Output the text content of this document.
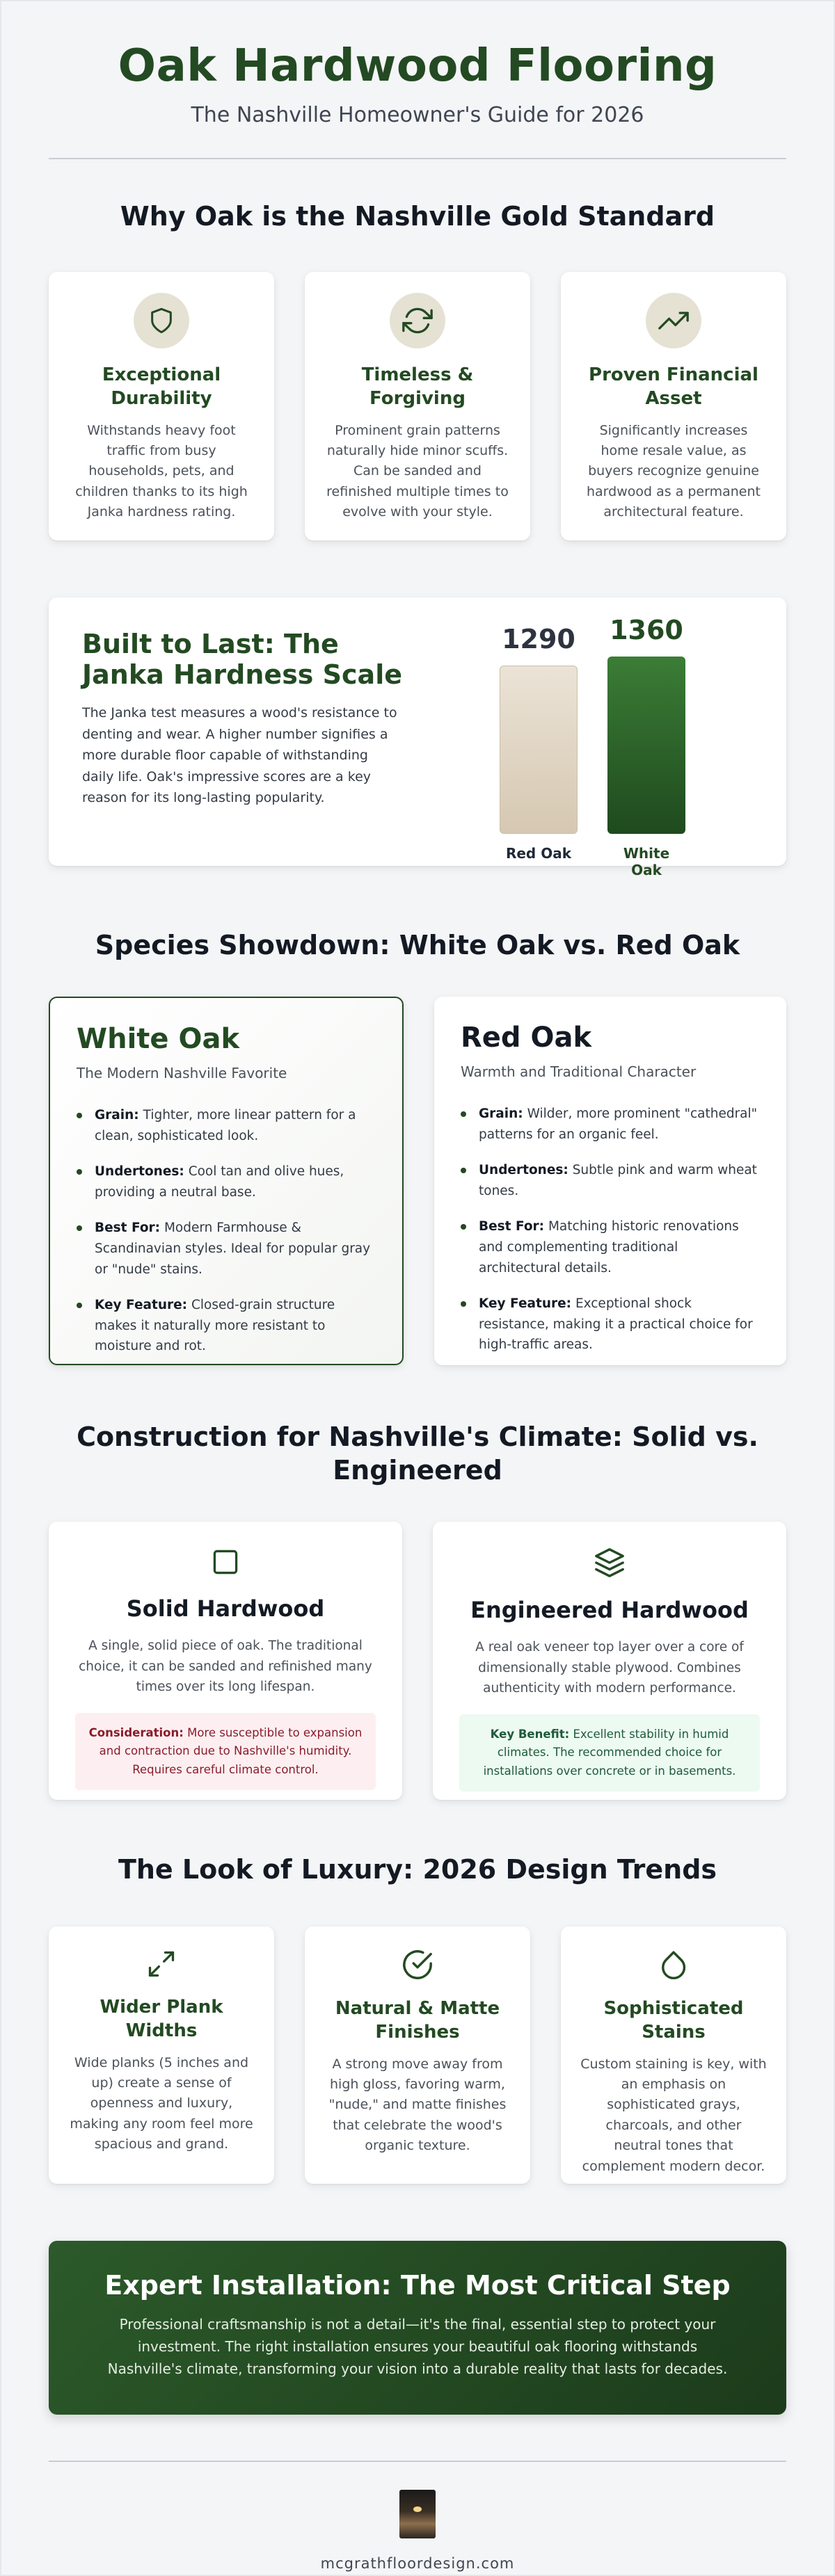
Oak Hardwood Flooring
The Nashville Homeowner's Guide for 2026
Why Oak is the Nashville Gold Standard
Exceptional Durability

Withstands heavy foot traffic from busy households, pets, and children thanks to its high Janka hardness rating.

Timeless & Forgiving

Prominent grain patterns naturally hide minor scuffs. Can be sanded and refinished multiple times to evolve with your style.

Proven Financial Asset

Significantly increases home resale value, as buyers recognize genuine hardwood as a permanent architectural feature.

Built to Last: The Janka Hardness Scale

The Janka test measures a wood's resistance to denting and wear. A higher number signifies a more durable floor capable of withstanding daily life. Oak's impressive scores are a key reason for its long-lasting popularity.

1290
Red Oak
1360
White Oak
Species Showdown: White Oak vs. Red Oak
White Oak
The Modern Nashville Favorite
Grain: Tighter, more linear pattern for a clean, sophisticated look.
Undertones: Cool tan and olive hues, providing a neutral base.
Best For: Modern Farmhouse & Scandinavian styles. Ideal for popular gray or "nude" stains.
Key Feature: Closed-grain structure makes it naturally more resistant to moisture and rot.
Red Oak
Warmth and Traditional Character
Grain: Wilder, more prominent "cathedral" patterns for an organic feel.
Undertones: Subtle pink and warm wheat tones.
Best For: Matching historic renovations and complementing traditional architectural details.
Key Feature: Exceptional shock resistance, making it a practical choice for high-traffic areas.
Construction for Nashville's Climate: Solid vs. Engineered
Solid Hardwood

A single, solid piece of oak. The traditional choice, it can be sanded and refinished many times over its long lifespan.

Consideration: More susceptible to expansion and contraction due to Nashville's humidity. Requires careful climate control.
Engineered Hardwood

A real oak veneer top layer over a core of dimensionally stable plywood. Combines authenticity with modern performance.

Key Benefit: Excellent stability in humid climates. The recommended choice for installations over concrete or in basements.
The Look of Luxury: 2026 Design Trends
Wider Plank Widths

Wide planks (5 inches and up) create a sense of openness and luxury, making any room feel more spacious and grand.

Natural & Matte Finishes

A strong move away from high gloss, favoring warm, "nude," and matte finishes that celebrate the wood's organic texture.

Sophisticated Stains

Custom staining is key, with an emphasis on sophisticated grays, charcoals, and other neutral tones that complement modern decor.

Expert Installation: The Most Critical Step

Professional craftsmanship is not a detail—it's the final, essential step to protect your investment. The right installation ensures your beautiful oak flooring withstands Nashville's climate, transforming your vision into a durable reality that lasts for decades.

mcgrathfloordesign.com
